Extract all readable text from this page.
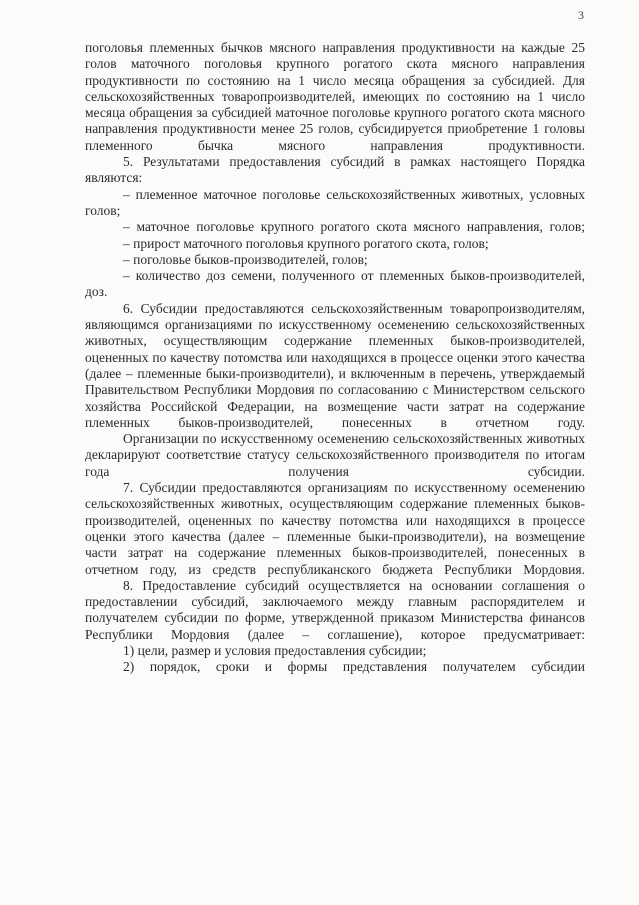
3

поголовья племенных бычков мясного направления продуктивности на каждые 25 голов маточного поголовья крупного рогатого скота мясного направления продуктивности по состоянию на 1 число месяца обращения за субсидией. Для сельскохозяйственных товаропроизводителей, имеющих по состоянию на 1 число месяца обращения за субсидией маточное поголовье крупного рогатого скота мясного направления продуктивности менее 25 голов, субсидируется приобретение 1 головы племенного бычка мясного направления продуктивности.

5. Результатами предоставления субсидий в рамках настоящего Порядка являются:

– племенное маточное поголовье сельскохозяйственных животных, условных голов;

– маточное поголовье крупного рогатого скота мясного направления, голов;

– прирост маточного поголовья крупного рогатого скота, голов;

– поголовье быков-производителей, голов;

– количество доз семени, полученного от племенных быков-производителей, доз.

6. Субсидии предоставляются сельскохозяйственным товаропроизводителям, являющимся организациями по искусственному осеменению сельскохозяйственных животных, осуществляющим содержание племенных быков-производителей, оцененных по качеству потомства или находящихся в процессе оценки этого качества (далее – племенные быки-производители), и включенным в перечень, утверждаемый Правительством Республики Мордовия по согласованию с Министерством сельского хозяйства Российской Федерации, на возмещение части затрат на содержание племенных быков-производителей, понесенных в отчетном году.

Организации по искусственному осеменению сельскохозяйственных животных декларируют соответствие статусу сельскохозяйственного производителя по итогам года получения субсидии.

7. Субсидии предоставляются организациям по искусственному осеменению сельскохозяйственных животных, осуществляющим содержание племенных быков-производителей, оцененных по качеству потомства или находящихся в процессе оценки этого качества (далее – племенные быки-производители), на возмещение части затрат на содержание племенных быков-производителей, понесенных в отчетном году, из средств республиканского бюджета Республики Мордовия.

8. Предоставление субсидий осуществляется на основании соглашения о предоставлении субсидий, заключаемого между главным распорядителем и получателем субсидии по форме, утвержденной приказом Министерства финансов Республики Мордовия (далее – соглашение), которое предусматривает:

1) цели, размер и условия предоставления субсидии;

2) порядок, сроки и формы представления получателем субсидии
